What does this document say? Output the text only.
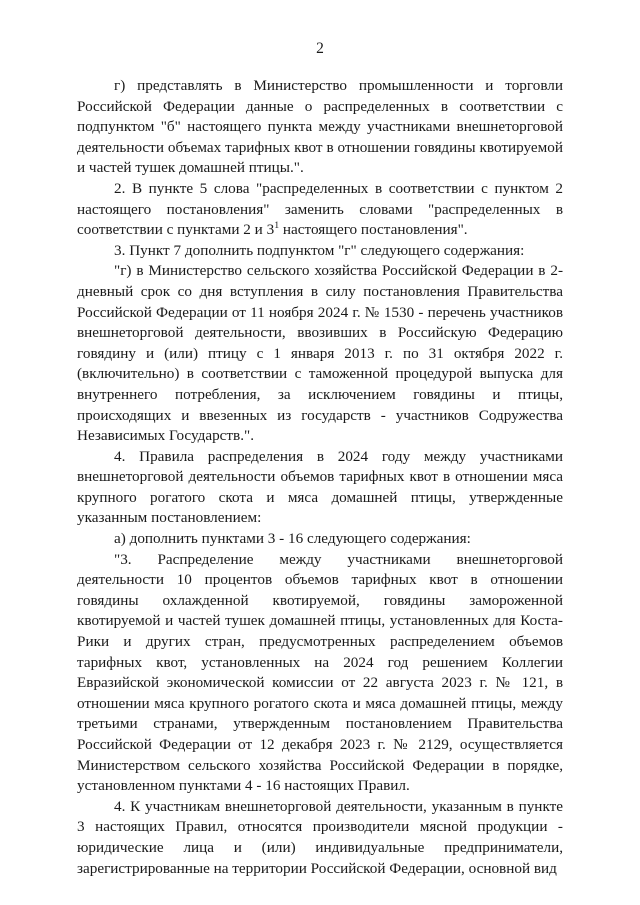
2

г) представлять в Министерство промышленности и торговли Российской Федерации данные о распределенных в соответствии с подпунктом "б" настоящего пункта между участниками внешнеторговой деятельности объемах тарифных квот в отношении говядины квотируемой и частей тушек домашней птицы.".

2. В пункте 5 слова "распределенных в соответствии с пунктом 2 настоящего постановления" заменить словами "распределенных в соответствии с пунктами 2 и $3^1$ настоящего постановления".

3. Пункт 7 дополнить подпунктом "г" следующего содержания:

"г) в Министерство сельского хозяйства Российской Федерации в 2-дневный срок со дня вступления в силу постановления Правительства Российской Федерации от 11 ноября 2024 г. № 1530 - перечень участников внешнеторговой деятельности, ввозивших в Российскую Федерацию говядину и (или) птицу с 1 января 2013 г. по 31 октября 2022 г. (включительно) в соответствии с таможенной процедурой выпуска для внутреннего потребления, за исключением говядины и птицы, происходящих и ввезенных из государств - участников Содружества Независимых Государств.".

4. Правила распределения в 2024 году между участниками внешнеторговой деятельности объемов тарифных квот в отношении мяса крупного рогатого скота и мяса домашней птицы, утвержденные указанным постановлением:

а) дополнить пунктами 3 - 16 следующего содержания:

"3. Распределение между участниками внешнеторговой деятельности 10 процентов объемов тарифных квот в отношении говядины охлажденной квотируемой, говядины замороженной квотируемой и частей тушек домашней птицы, установленных для Коста-Рики и других стран, предусмотренных распределением объемов тарифных квот, установленных на 2024 год решением Коллегии Евразийской экономической комиссии от 22 августа 2023 г. № 121, в отношении мяса крупного рогатого скота и мяса домашней птицы, между третьими странами, утвержденным постановлением Правительства Российской Федерации от 12 декабря 2023 г. № 2129, осуществляется Министерством сельского хозяйства Российской Федерации в порядке, установленном пунктами 4 - 16 настоящих Правил.

4. К участникам внешнеторговой деятельности, указанным в пункте 3 настоящих Правил, относятся производители мясной продукции - юридические лица и (или) индивидуальные предприниматели, зарегистрированные на территории Российской Федерации, основной вид
